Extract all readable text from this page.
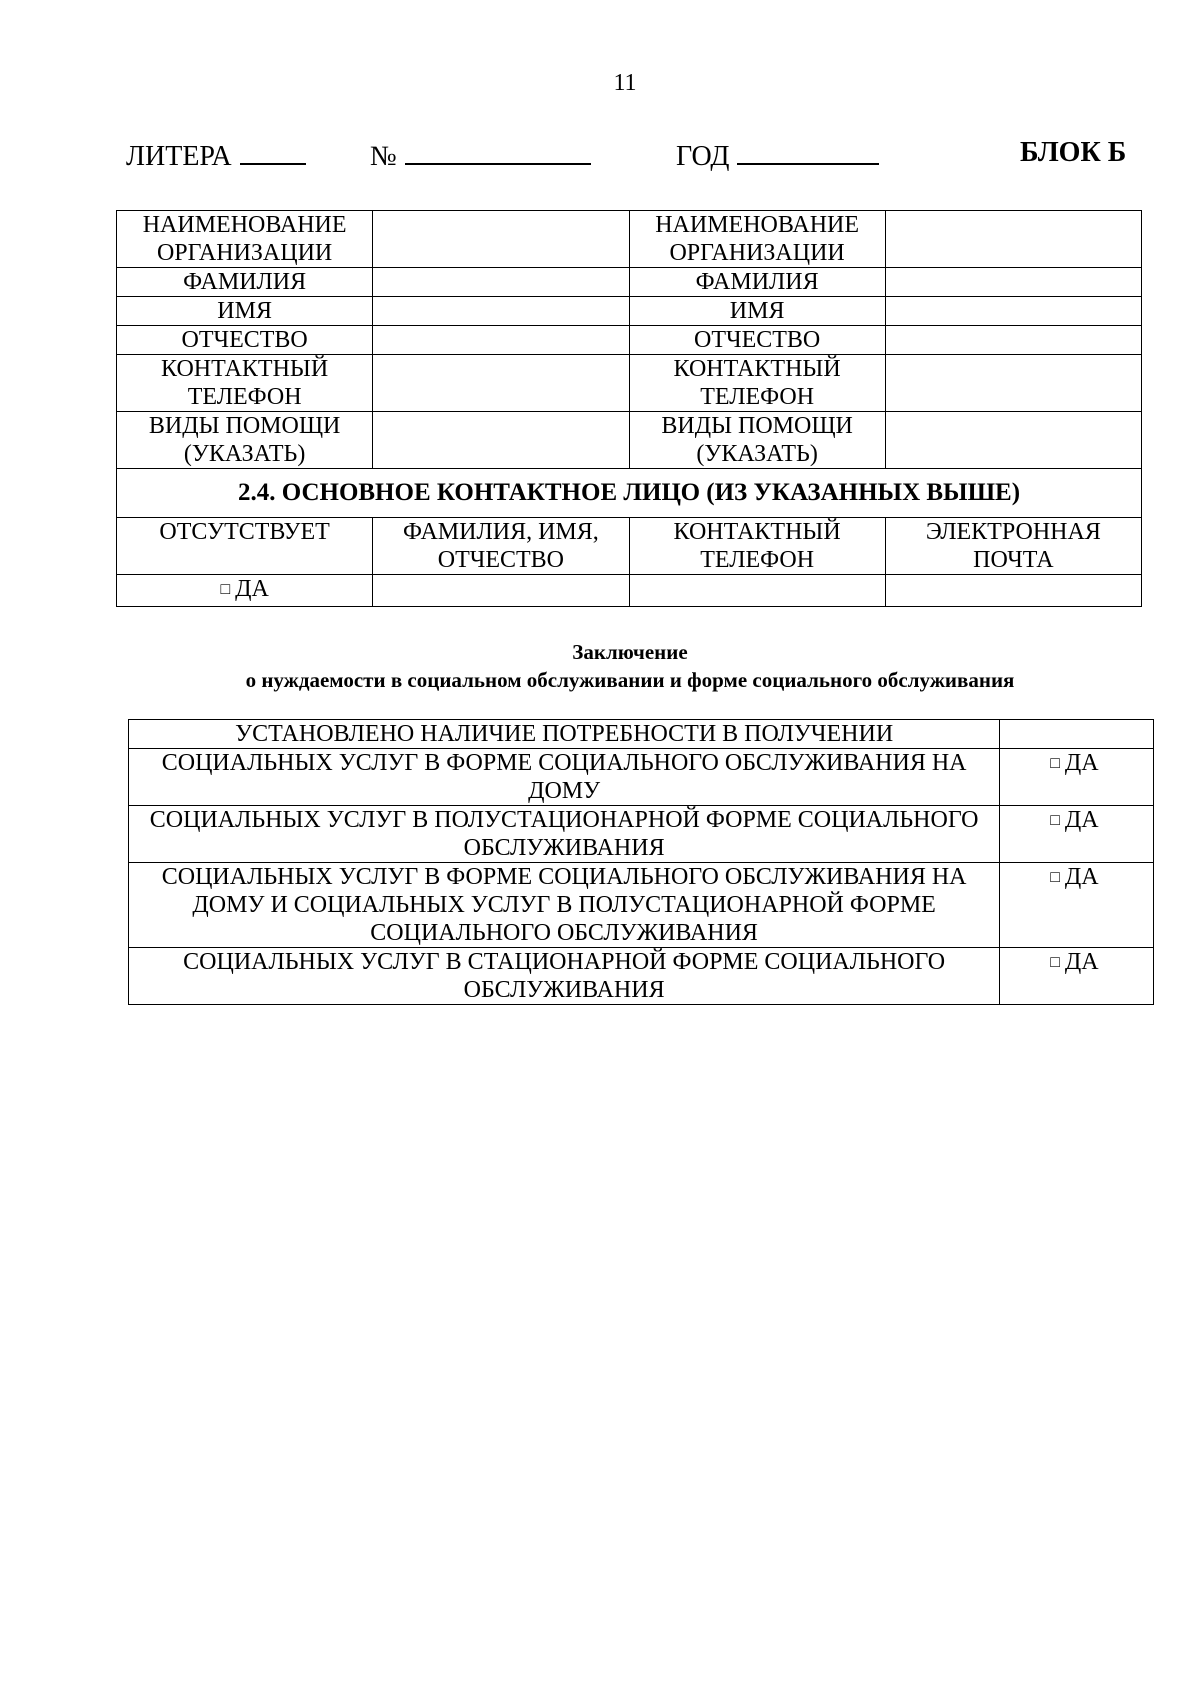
11
ЛИТЕРА	№	ГОД	БЛОК Б
НАИМЕНОВАНИЕ ОРГАНИЗАЦИИ		НАИМЕНОВАНИЕ ОРГАНИЗАЦИИ	
ФАМИЛИЯ		ФАМИЛИЯ	
ИМЯ		ИМЯ	
ОТЧЕСТВО		ОТЧЕСТВО	
КОНТАКТНЫЙ ТЕЛЕФОН		КОНТАКТНЫЙ ТЕЛЕФОН	
ВИДЫ ПОМОЩИ (УКАЗАТЬ)		ВИДЫ ПОМОЩИ (УКАЗАТЬ)	
2.4. ОСНОВНОЕ КОНТАКТНОЕ ЛИЦО (ИЗ УКАЗАННЫХ ВЫШЕ)			
ОТСУТСТВУЕТ	ФАМИЛИЯ, ИМЯ, ОТЧЕСТВО	КОНТАКТНЫЙ ТЕЛЕФОН	ЭЛЕКТРОННАЯ ПОЧТА
□ ДА			
Заключение
о нуждаемости в социальном обслуживании и форме социального обслуживания
УСТАНОВЛЕНО НАЛИЧИЕ ПОТРЕБНОСТИ В ПОЛУЧЕНИИ	
СОЦИАЛЬНЫХ УСЛУГ В ФОРМЕ СОЦИАЛЬНОГО ОБСЛУЖИВАНИЯ НА ДОМУ	□ ДА
СОЦИАЛЬНЫХ УСЛУГ В ПОЛУСТАЦИОНАРНОЙ ФОРМЕ СОЦИАЛЬНОГО ОБСЛУЖИВАНИЯ	□ ДА
СОЦИАЛЬНЫХ УСЛУГ В ФОРМЕ СОЦИАЛЬНОГО ОБСЛУЖИВАНИЯ НА ДОМУ И СОЦИАЛЬНЫХ УСЛУГ В ПОЛУСТАЦИОНАРНОЙ ФОРМЕ СОЦИАЛЬНОГО ОБСЛУЖИВАНИЯ	□ ДА
СОЦИАЛЬНЫХ УСЛУГ В СТАЦИОНАРНОЙ ФОРМЕ СОЦИАЛЬНОГО ОБСЛУЖИВАНИЯ	□ ДА
